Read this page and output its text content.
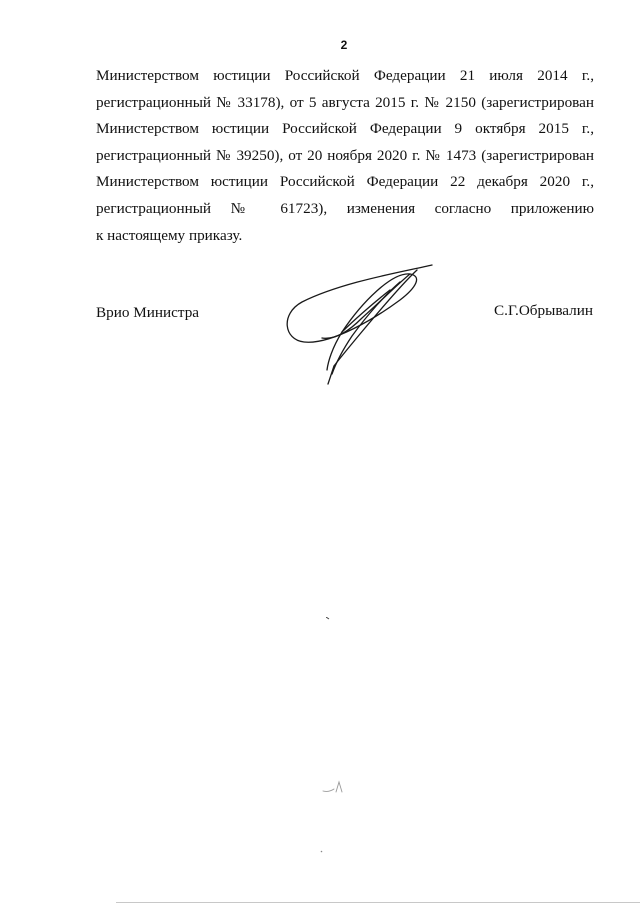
2
Министерством юстиции Российской Федерации 21 июля 2014 г.,
регистрационный № 33178), от 5 августа 2015 г. № 2150 (зарегистрирован
Министерством юстиции Российской Федерации 9 октября 2015 г.,
регистрационный № 39250), от 20 ноября 2020 г. № 1473 (зарегистрирован
Министерством юстиции Российской Федерации 22 декабря 2020 г.,
регистрационный № 61723), изменения согласно приложению
к настоящему приказу.
Врио Министра	С.Г.Обрывалин
